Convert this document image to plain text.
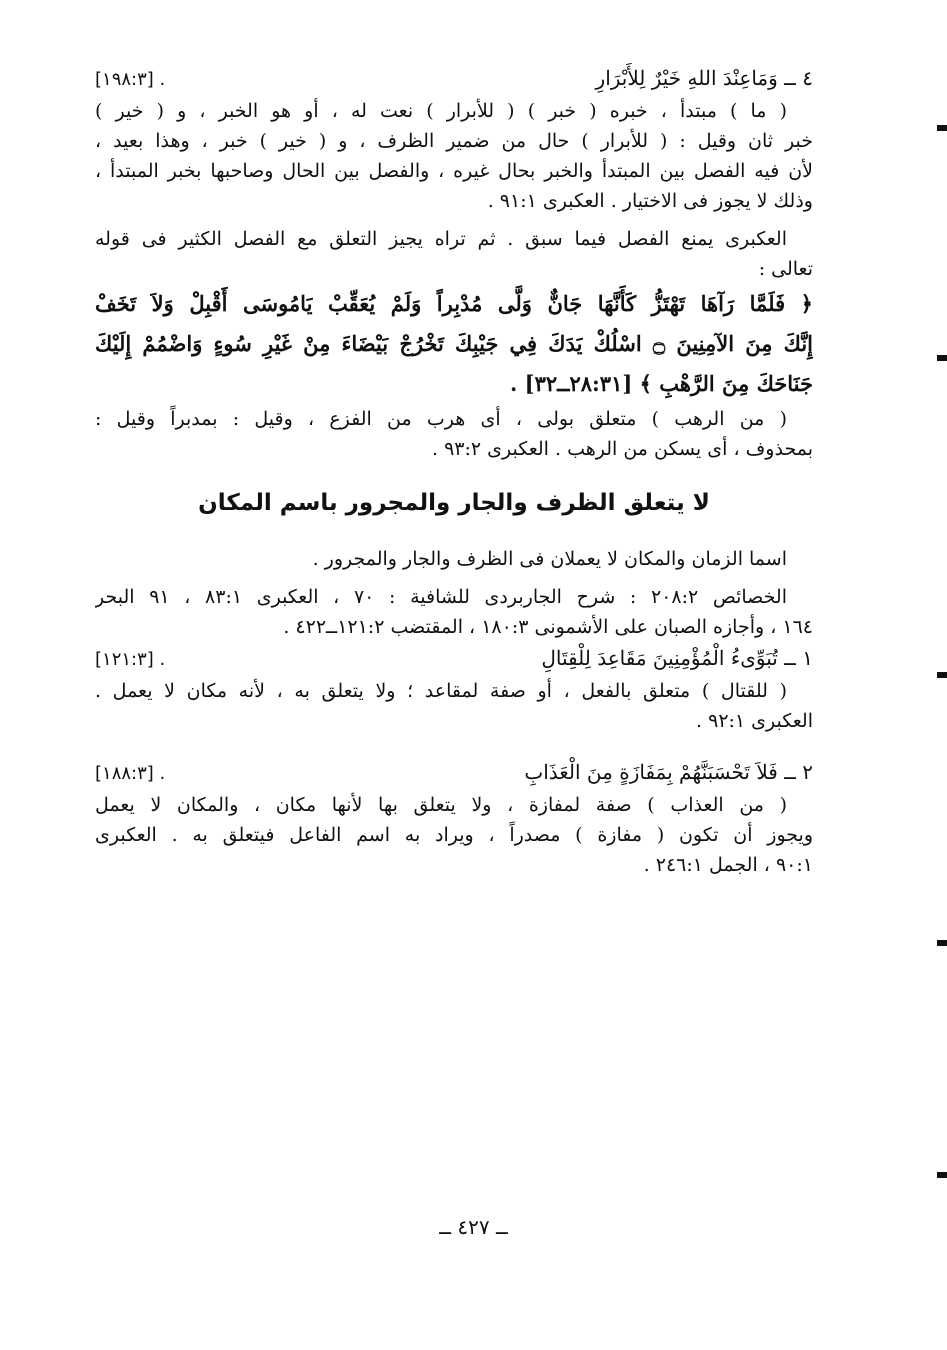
٤ ــ وَمَاعِنْدَ اللهِ خَيْرٌ لِلأَبْرَارِ
[١٩٨:٣] .
( ما ) مبتدأ ، خبره ( خبر ) ( للأبرار ) نعت له ، أو هو الخبر ، و ( خير )
خبر ثان وقيل : ( للأبرار ) حال من ضمير الظرف ، و ( خير ) خبر ، وهذا بعيد ،
لأن فيه الفصل بين المبتدأ والخبر بحال غيره ، والفصل بين الحال وصاحبها بخبر المبتدأ ،
وذلك لا يجوز فى الاختيار . العكبرى ٩١:١ .
العكبرى يمنع الفصل فيما سبق . ثم تراه يجيز التعلق مع الفصل الكثير فى قوله
تعالى :
﴿ فَلَمَّا رَآهَا تَهْتَزُّ كَأَنَّهَا جَانٌّ وَلَّى مُدْبِراً وَلَمْ يُعَقِّبْ يَامُوسَى أَقْبِلْ وَلاَ تَخَفْ
إِنَّكَ مِنَ الآمِنِينَ ۝ اسْلُكْ يَدَكَ فِي جَيْبِكَ تَخْرُجْ بَيْضَاءَ مِنْ غَيْرِ سُوءٍ وَاضْمُمْ إِلَيْكَ
جَنَاحَكَ مِنَ الرَّهْبِ ﴾ [٢٨:٣١ــ٣٢] .
( من الرهب ) متعلق بولى ، أى هرب من الفزع ، وقيل : بمدبراً وقيل :
بمحذوف ، أى يسكن من الرهب . العكبرى ٩٣:٢ .
لا يتعلق الظرف والجار والمجرور باسم المكان
اسما الزمان والمكان لا يعملان فى الظرف والجار والمجرور .
الخصائص ٢٠٨:٢ : شرح الجاربردى للشافية : ٧٠ ، العكبرى ٨٣:١ ، ٩١ البحر
١٦٤ ، وأجازه الصبان على الأشمونى ١٨٠:٣ ، المقتضب ١٢١:٢ــ٤٢٢ .
١ ــ تُبَوِّىءُ الْمُؤْمِنِينَ مَقَاعِدَ لِلْقِتَالِ
[١٢١:٣] .
( للقتال ) متعلق بالفعل ، أو صفة لمقاعد ؛ ولا يتعلق به ، لأنه مكان لا يعمل .
العكبرى ٩٢:١ .
٢ ــ فَلاَ تَحْسَبَنَّهُمْ بِمَفَازَةٍ مِنَ الْعَذَابِ
[١٨٨:٣] .
( من العذاب ) صفة لمفازة ، ولا يتعلق بها لأنها مكان ، والمكان لا يعمل
ويجوز أن تكون ( مفازة ) مصدراً ، ويراد به اسم الفاعل فيتعلق به . العكبرى
٩٠:١ ، الجمل ٢٤٦:١ .
ــ ٤٢٧ ــ
